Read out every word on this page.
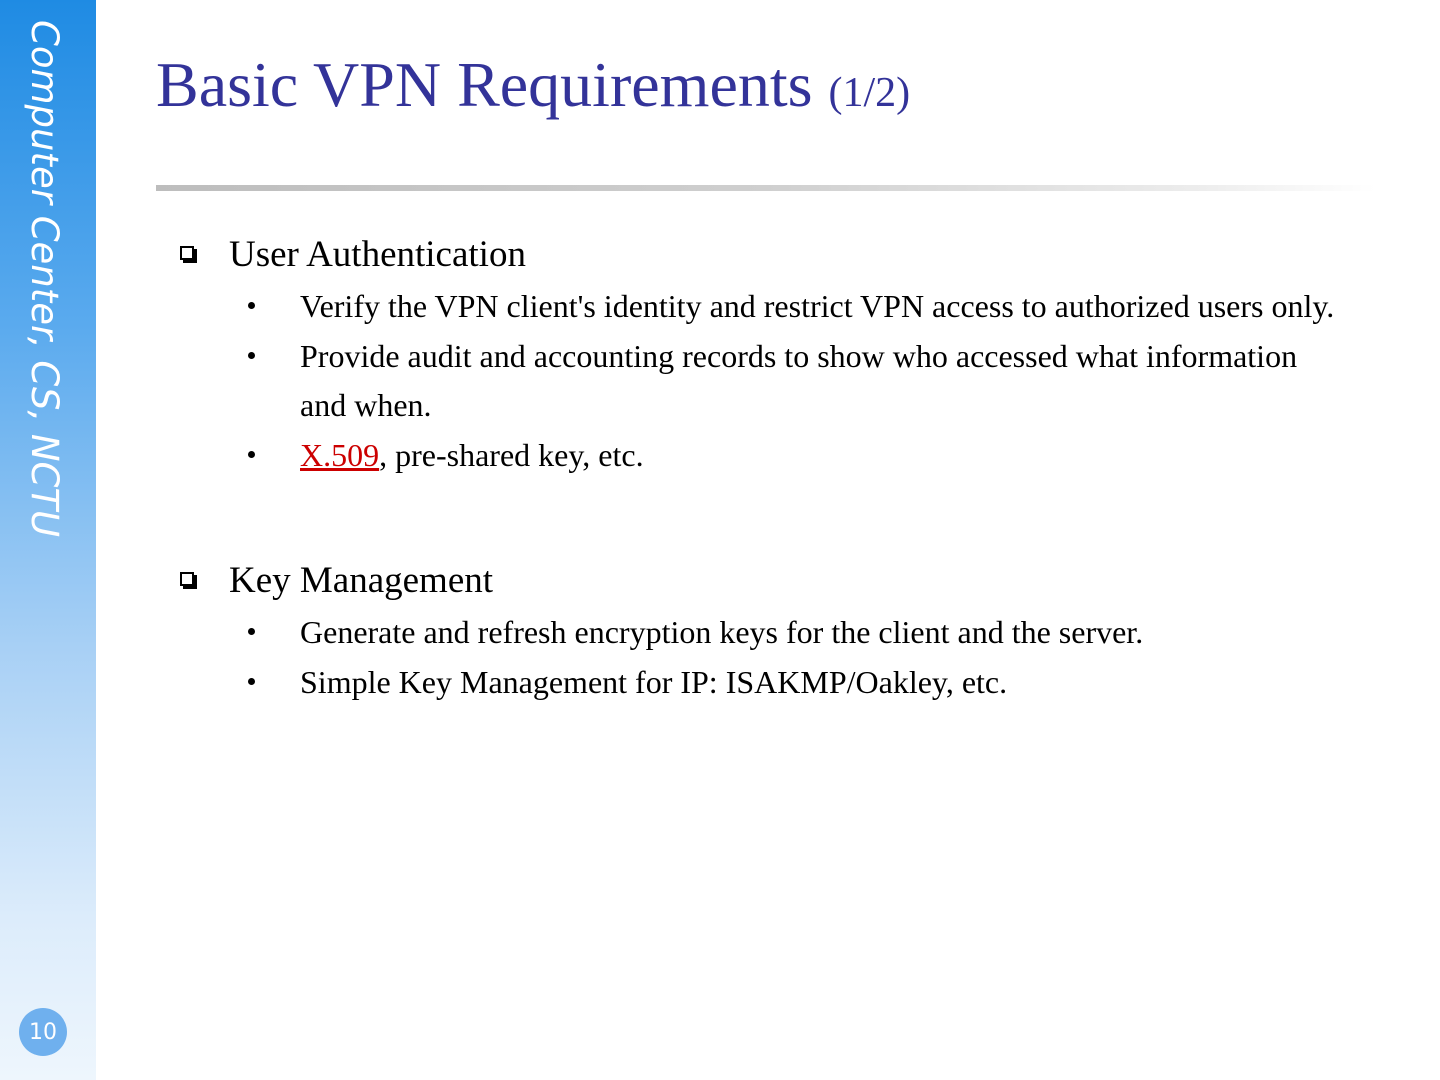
Computer Center, CS, NCTU
10
Basic VPN Requirements (1/2)
User Authentication
Verify the VPN client's identity and restrict VPN access to authorized users only.
Provide audit and accounting records to show who accessed what information and when.
X.509, pre-shared key, etc.
Key Management
Generate and refresh encryption keys for the client and the server.
Simple Key Management for IP: ISAKMP/Oakley, etc.
